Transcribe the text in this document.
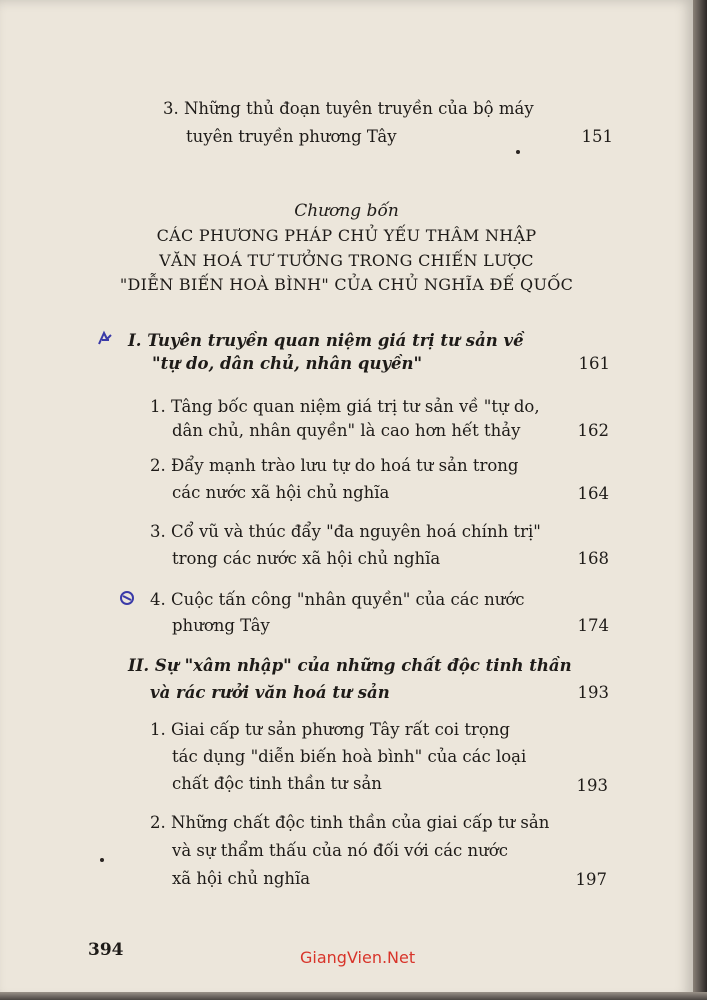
3. Những thủ đoạn tuyên truyền của bộ máy
tuyên truyền phương Tây	151
Chương bốn
CÁC PHƯƠNG PHÁP CHỦ YẾU THÂM NHẬP
VĂN HOÁ TƯ TƯỞNG TRONG CHIẾN LƯỢC
"DIỄN BIẾN HOÀ BÌNH" CỦA CHỦ NGHĨA ĐẾ QUỐC
I. Tuyên truyền quan niệm giá trị tư sản về
"tự do, dân chủ, nhân quyền"	161
1. Tâng bốc quan niệm giá trị tư sản về "tự do,
dân chủ, nhân quyền" là cao hơn hết thảy	162
2. Đẩy mạnh trào lưu tự do hoá tư sản trong
các nước xã hội chủ nghĩa	164
3. Cổ vũ và thúc đẩy "đa nguyên hoá chính trị"
trong các nước xã hội chủ nghĩa	168
4. Cuộc tấn công "nhân quyền" của các nước
phương Tây	174
II. Sự "xâm nhập" của những chất độc tinh thần
và rác rưởi văn hoá tư sản	193
1. Giai cấp tư sản phương Tây rất coi trọng
tác dụng "diễn biến hoà bình" của các loại
chất độc tinh thần tư sản	193
2. Những chất độc tinh thần của giai cấp tư sản
và sự thẩm thấu của nó đối với các nước
xã hội chủ nghĩa	197
394	GiangVien.Net
